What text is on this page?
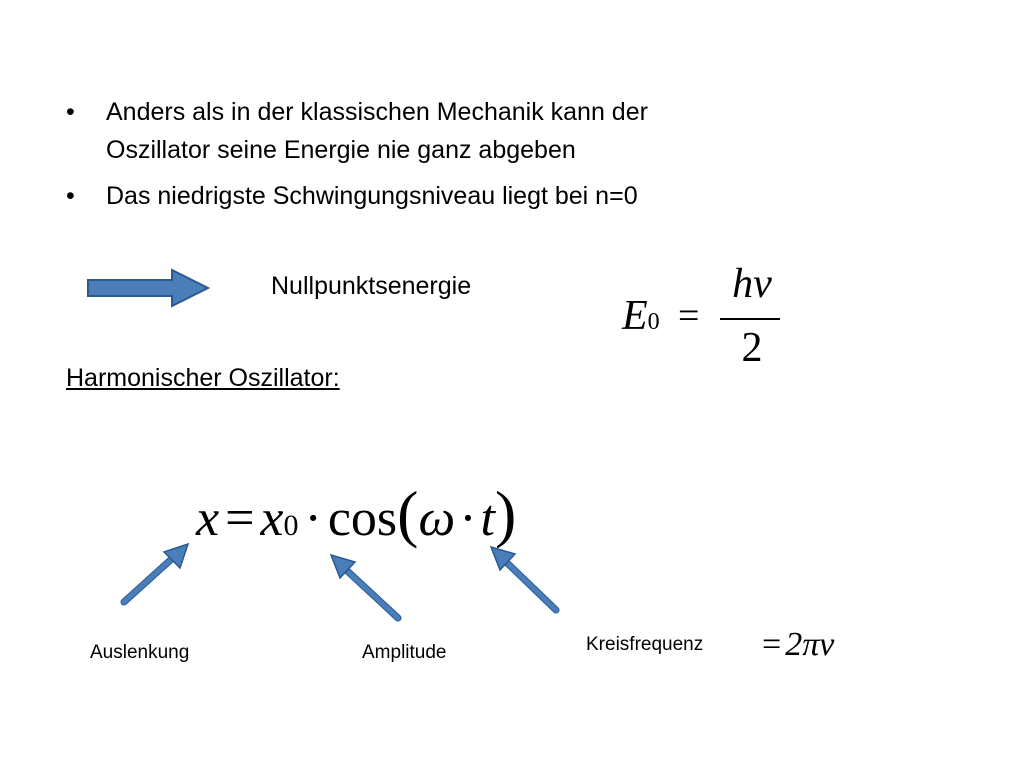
• Anders als in der klassischen Mechanik kann der
Oszillator seine Energie nie ganz abgeben
• Das niedrigste Schwingungsniveau liegt bei n=0
Nullpunktsenergie
E0 =
hν
2
Harmonischer Oszillator:
x = x0 · cos(ω·t)
Auslenkung	Amplitude	Kreisfrequenz = 2πν
